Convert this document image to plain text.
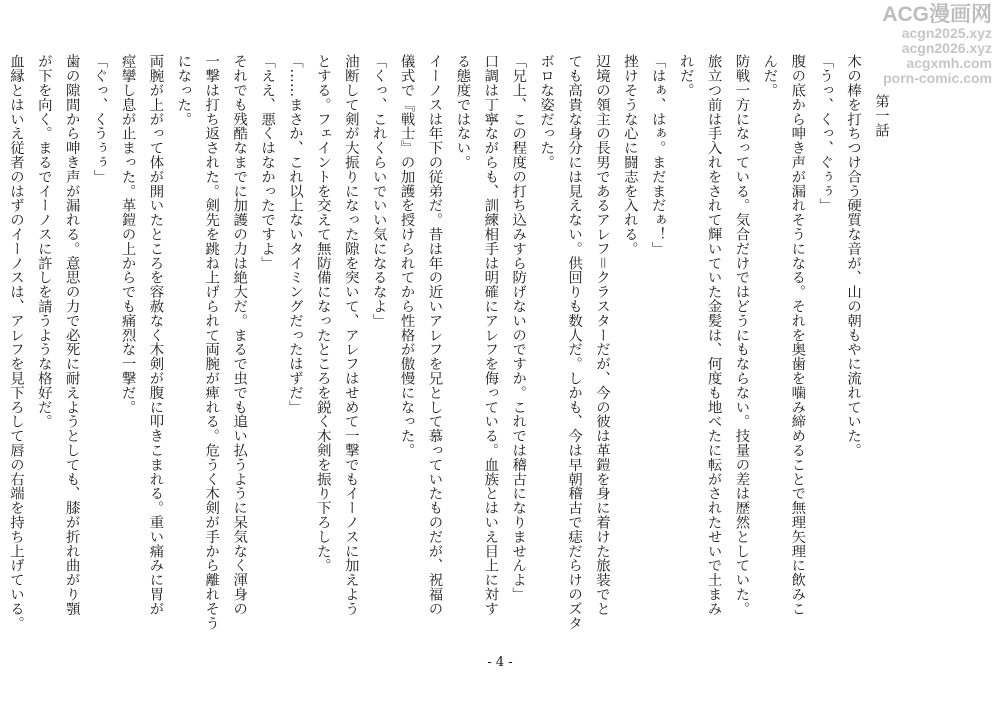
ACG漫画网
acgn2025.xyz
acgn2026.xyz
acgxmh.com
porn-comic.com
第一話
木の棒を打ちつけ合う硬質な音が、山の朝もやに流れていた。
「うっ、くっ、ぐぅぅ」
腹の底から呻き声が漏れそうになる。それを奥歯を噛み締めることで無理矢理に飲みこ
んだ。
防戦一方になっている。気合だけではどうにもならない。技量の差は歴然としていた。
旅立つ前は手入れをされて輝いていた金髪は、何度も地べたに転がされたせいで土まみ
れだ。
「はぁ、はぁ。まだまだぁ！」
挫けそうな心に闘志を入れる。
辺境の領主の長男であるアレフ＝クラスターだが、今の彼は革鎧を身に着けた旅装でと
ても高貴な身分には見えない。供回りも数人だ。しかも、今は早朝稽古で痣だらけのズタ
ボロな姿だった。
「兄上、この程度の打ち込みすら防げないのですか。これでは稽古になりませんよ」
口調は丁寧ながらも、訓練相手は明確にアレフを侮っている。血族とはいえ目上に対す
る態度ではない。
イーノスは年下の従弟だ。昔は年の近いアレフを兄として慕っていたものだが、祝福の
儀式で『戦士』の加護を授けられてから性格が傲慢になった。
「くっ、これくらいでいい気になるなよ」
油断して剣が大振りになった隙を突いて、アレフはせめて一撃でもイーノスに加えよう
とする。フェイントを交えて無防備になったところを鋭く木剣を振り下ろした。
「……まさか、これ以上ないタイミングだったはずだ」
「ええ、悪くはなかったですよ」
それでも残酷なまでに加護の力は絶大だ。まるで虫でも追い払うように呆気なく渾身の
一撃は打ち返された。剣先を跳ね上げられて両腕が痺れる。危うく木剣が手から離れそう
になった。
両腕が上がって体が開いたところを容赦なく木剣が腹に叩きこまれる。重い痛みに胃が
痙攣し息が止まった。革鎧の上からでも痛烈な一撃だ。
「ぐっ、くうぅぅ」
歯の隙間から呻き声が漏れる。意思の力で必死に耐えようとしても、膝が折れ曲がり顎
が下を向く。まるでイーノスに許しを請うような格好だ。
血縁とはいえ従者のはずのイーノスは、アレフを見下ろして唇の右端を持ち上げている。
- 4 -
